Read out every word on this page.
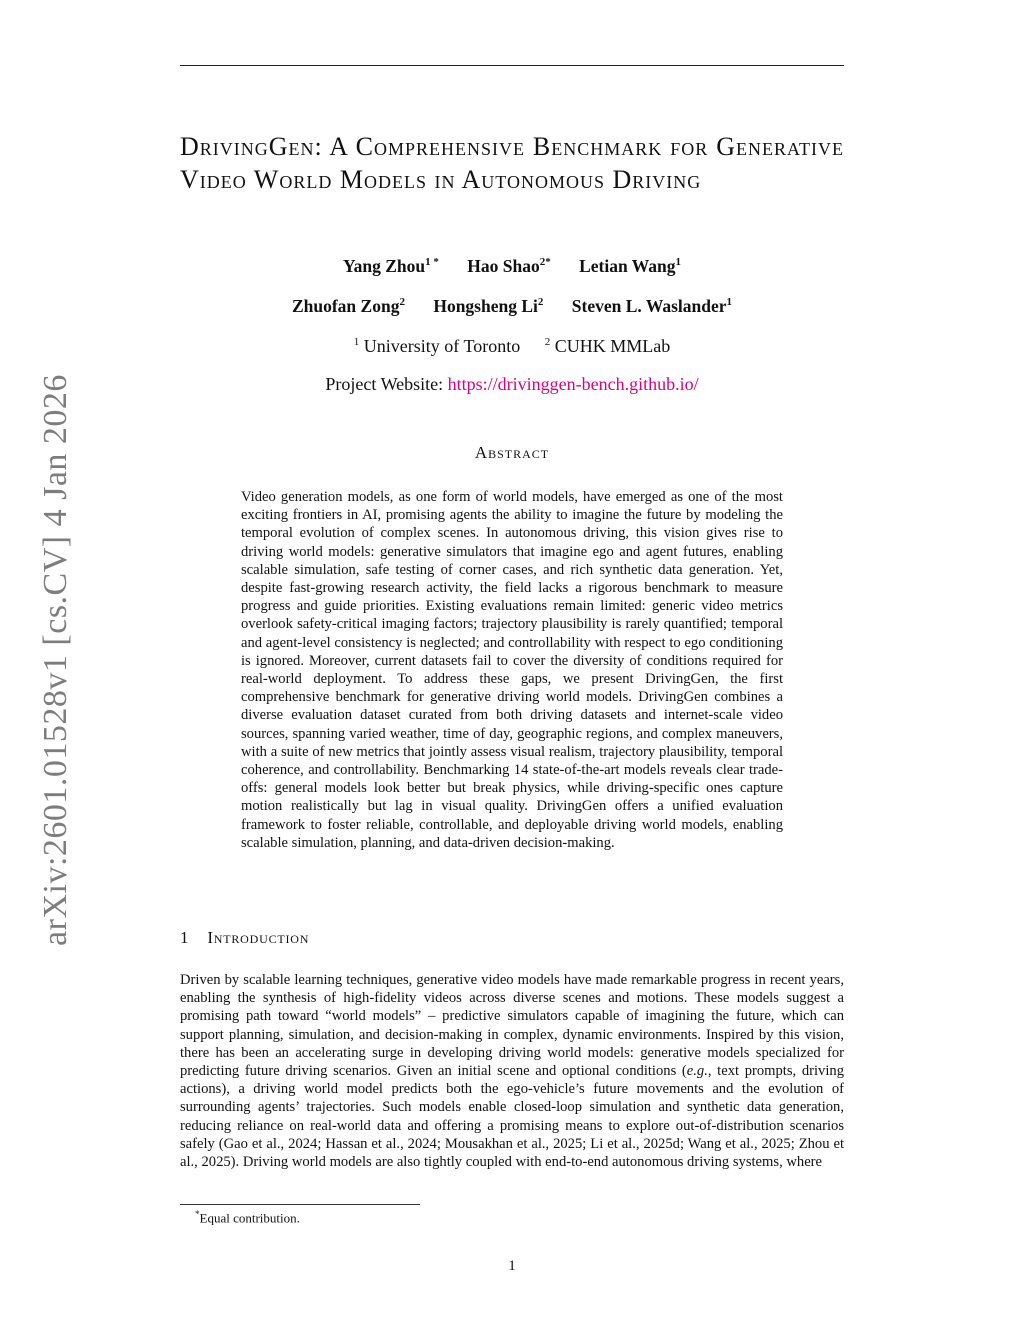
arXiv:2601.01528v1 [cs.CV] 4 Jan 2026
DrivingGen: A Comprehensive Benchmark for Generative Video World Models in Autonomous Driving
Yang Zhou$^{1 *}$ Hao Shao$^{2*}$ Letian Wang$^1$
Zhuofan Zong$^2$ Hongsheng Li$^2$ Steven L. Waslander$^1$
$^1$ University of Toronto $^2$ CUHK MMLab
Project Website: https://drivinggen-bench.github.io/
Abstract

Video generation models, as one form of world models, have emerged as one of the most exciting frontiers in AI, promising agents the ability to imagine the future by modeling the temporal evolution of complex scenes. In autonomous driving, this vision gives rise to driving world models: generative simulators that imagine ego and agent futures, enabling scalable simulation, safe testing of corner cases, and rich synthetic data generation. Yet, despite fast-growing research activity, the field lacks a rigorous benchmark to measure progress and guide priorities. Existing evaluations remain limited: generic video metrics overlook safety-critical imaging factors; trajectory plausibility is rarely quantified; temporal and agent-level consistency is neglected; and controllability with respect to ego conditioning is ignored. Moreover, current datasets fail to cover the diversity of conditions required for real-world deployment. To address these gaps, we present DrivingGen, the first comprehensive benchmark for generative driving world models. DrivingGen combines a diverse evaluation dataset curated from both driving datasets and internet-scale video sources, spanning varied weather, time of day, geographic regions, and complex maneuvers, with a suite of new metrics that jointly assess visual realism, trajectory plausibility, temporal coherence, and controllability. Benchmarking 14 state-of-the-art models reveals clear trade-offs: general models look better but break physics, while driving-specific ones capture motion realistically but lag in visual quality. DrivingGen offers a unified evaluation framework to foster reliable, controllable, and deployable driving world models, enabling scalable simulation, planning, and data-driven decision-making.

1 Introduction

Driven by scalable learning techniques, generative video models have made remarkable progress in recent years, enabling the synthesis of high-fidelity videos across diverse scenes and motions. These models suggest a promising path toward “world models” – predictive simulators capable of imagining the future, which can support planning, simulation, and decision-making in complex, dynamic environments. Inspired by this vision, there has been an accelerating surge in developing driving world models: generative models specialized for predicting future driving scenarios. Given an initial scene and optional conditions (e.g., text prompts, driving actions), a driving world model predicts both the ego-vehicle’s future movements and the evolution of surrounding agents’ trajectories. Such models enable closed-loop simulation and synthetic data generation, reducing reliance on real-world data and offering a promising means to explore out-of-distribution scenarios safely (Gao et al., 2024; Hassan et al., 2024; Mousakhan et al., 2025; Li et al., 2025d; Wang et al., 2025; Zhou et al., 2025). Driving world models are also tightly coupled with end-to-end autonomous driving systems, where

*Equal contribution.
1
